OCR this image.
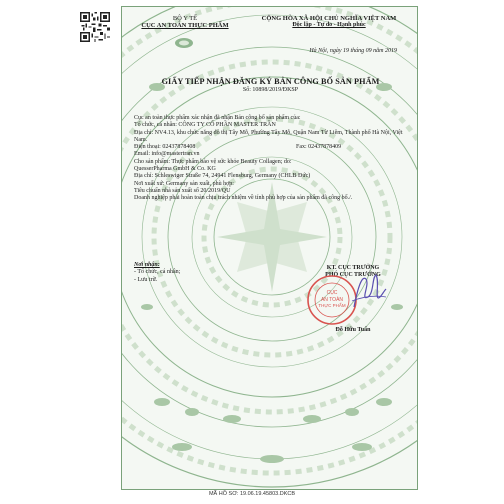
BỘ Y TẾ
CỤC AN TOÀN THỰC PHẨM
CỘNG HÒA XÃ HỘI CHỦ NGHĨA VIỆT NAM
Độc lập - Tự do - Hạnh phúc
Hà Nội, ngày 19 tháng 09 năm 2019
GIẤY TIẾP NHẬN ĐĂNG KÝ BẢN CÔNG BỐ SẢN PHẨM
Số: 10898/2019/ĐKSP
Cục an toàn thực phẩm xác nhận đã nhận Bản công bố sản phẩm của:
Tổ chức, cá nhân: CÔNG TY CỔ PHẦN MASTER TRẦN
Địa chỉ: NV4.13, khu chức năng đô thị Tây Mỗ, Phường Tây Mỗ, Quận Nam Từ Liêm, Thành phố Hà Nội, Việt Nam.
Điện thoại: 02437878408	Fax: 02437878409
Email: info@mastertran.vn
Cho sản phẩm: Thực phẩm bảo vệ sức khỏe Beauty Collagen; do:
QuesserPharma GmbH & Co. KG
Địa chỉ: Schleswiger Straße 74, 24941 Flensburg, Germany (CHLB Đức)
Nơi xuất xứ: Germany sản xuất, phù hợp:
Tiêu chuẩn nhà sản xuất số 20/2019/QU
Doanh nghiệp phải hoàn toàn chịu trách nhiệm về tính phù hợp của sản phẩm đã công bố./.
Nơi nhận:
- Tổ chức, cá nhân;
- Lưu trữ.
KT. CỤC TRƯỞNG
PHÓ CỤC TRƯỞNG
CỤC
AN TOÀN
THỰC PHẨM
Đỗ Hữu Tuấn
MÃ HỒ SƠ: 19.06.19.45803.DKCB
